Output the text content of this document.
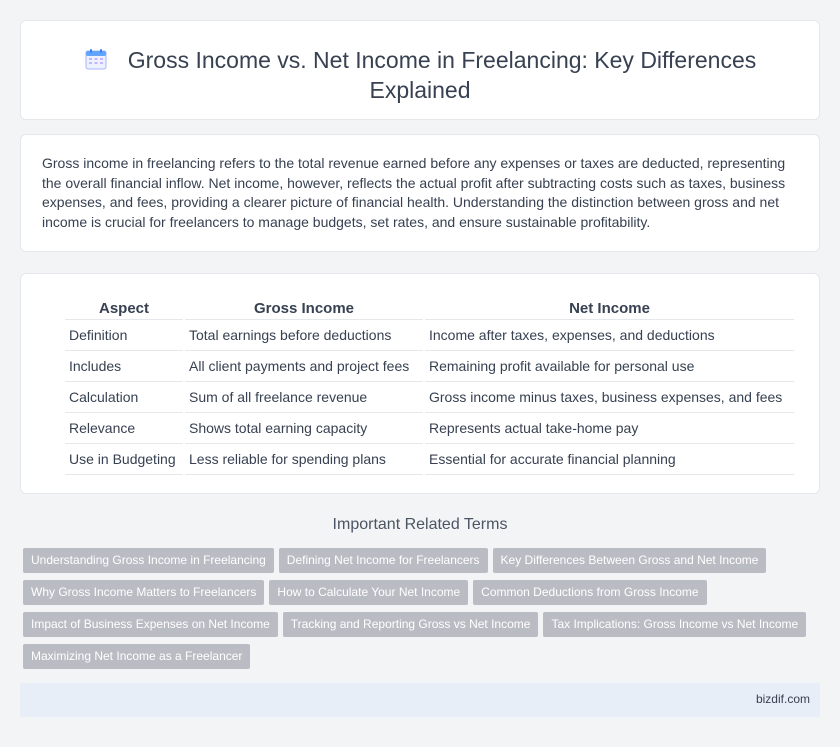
Gross Income vs. Net Income in Freelancing: Key Differences Explained

Gross income in freelancing refers to the total revenue earned before any expenses or taxes are deducted, representing the overall financial inflow. Net income, however, reflects the actual profit after subtracting costs such as taxes, business expenses, and fees, providing a clearer picture of financial health. Understanding the distinction between gross and net income is crucial for freelancers to manage budgets, set rates, and ensure sustainable profitability.

Aspect	Gross Income	Net Income
Definition	Total earnings before deductions	Income after taxes, expenses, and deductions
Includes	All client payments and project fees	Remaining profit available for personal use
Calculation	Sum of all freelance revenue	Gross income minus taxes, business expenses, and fees
Relevance	Shows total earning capacity	Represents actual take-home pay
Use in Budgeting	Less reliable for spending plans	Essential for accurate financial planning
Important Related Terms
Understanding Gross Income in Freelancing Defining Net Income for Freelancers Key Differences Between Gross and Net Income
Why Gross Income Matters to Freelancers How to Calculate Your Net Income Common Deductions from Gross Income
Impact of Business Expenses on Net Income Tracking and Reporting Gross vs Net Income Tax Implications: Gross Income vs Net Income
Maximizing Net Income as a Freelancer
bizdif.com
